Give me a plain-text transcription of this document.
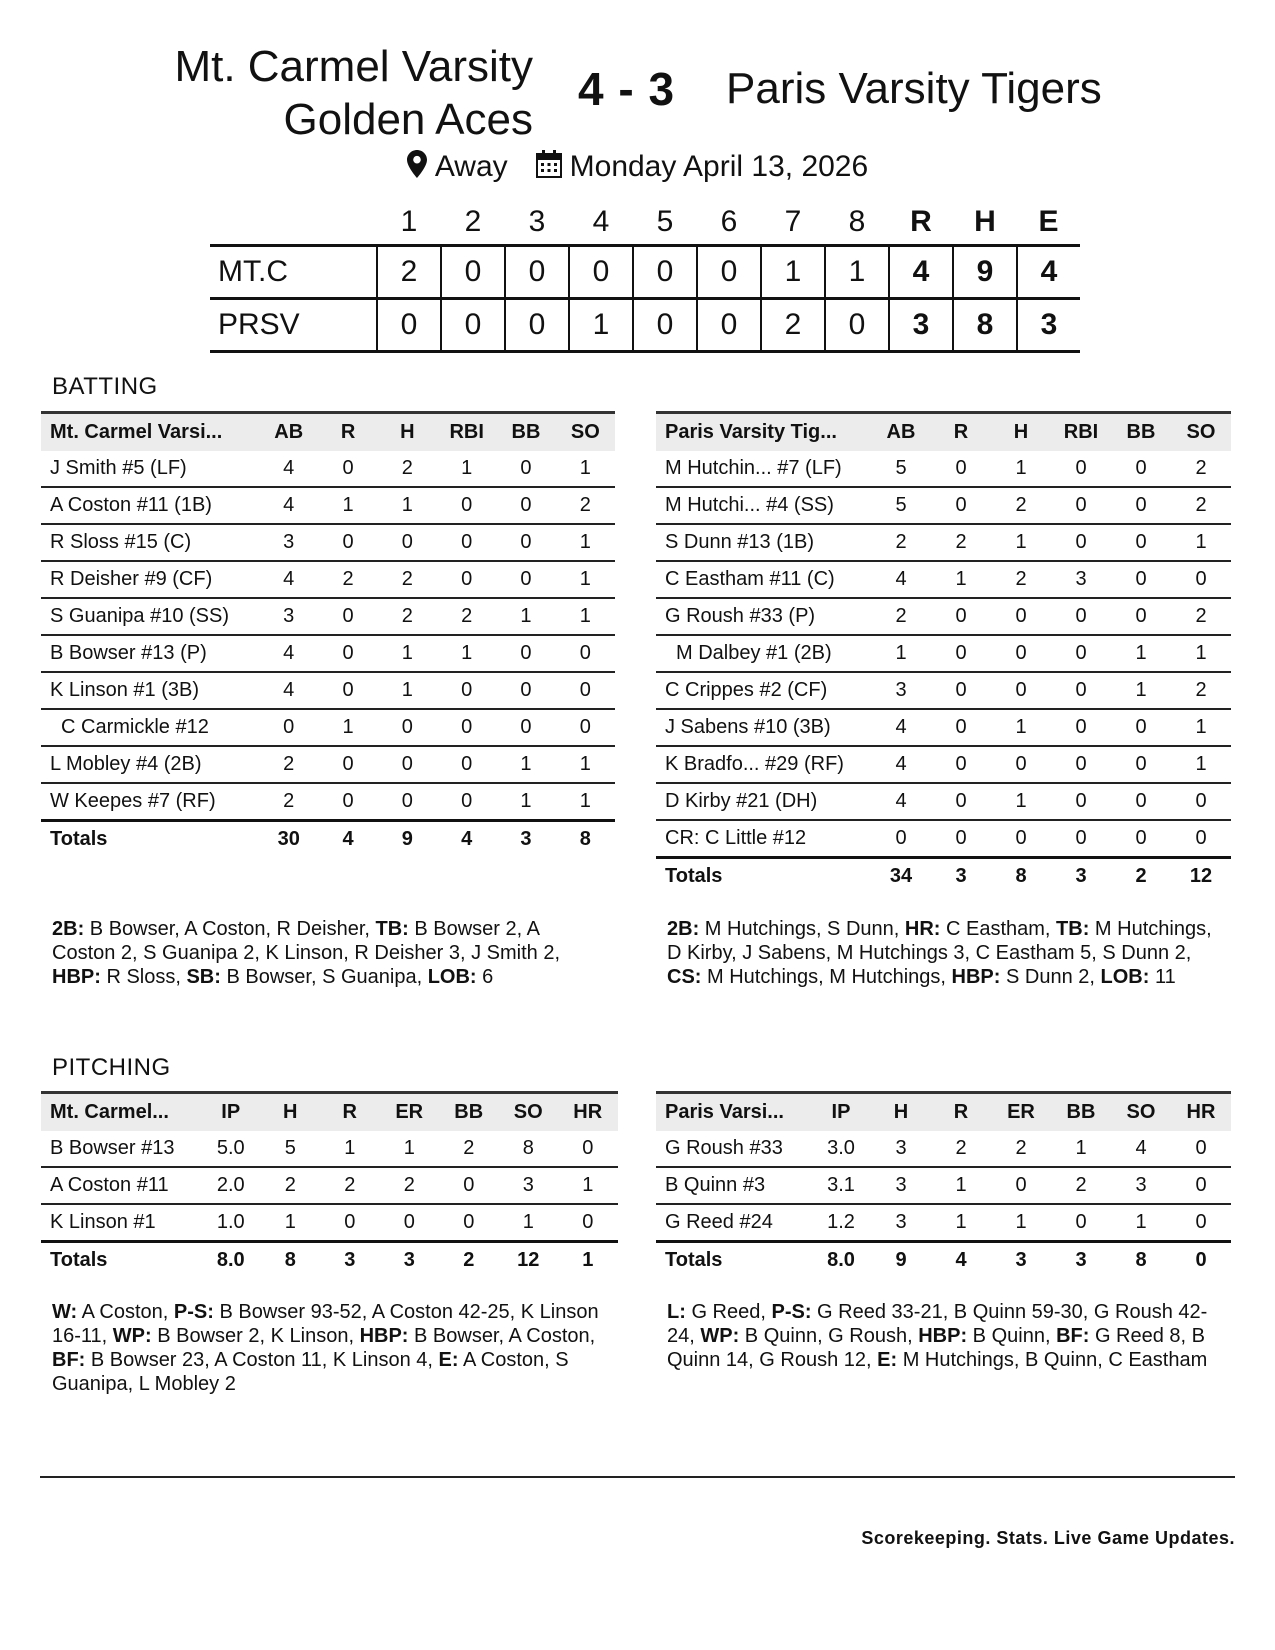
Mt. Carmel Varsity
Golden Aces
4 - 3 Paris Varsity Tigers
Away Monday April 13, 2026
	1	2	3	4	5	6	7	8	R	H	E
MT.C	2	0	0	0	0	0	1	1	4	9	4
PRSV	0	0	0	1	0	0	2	0	3	8	3
BATTING
Mt. Carmel Varsi...	AB	R	H	RBI	BB	SO
J Smith #5 (LF)	4	0	2	1	0	1
A Coston #11 (1B)	4	1	1	0	0	2
R Sloss #15 (C)	3	0	0	0	0	1
R Deisher #9 (CF)	4	2	2	0	0	1
S Guanipa #10 (SS)	3	0	2	2	1	1
B Bowser #13 (P)	4	0	1	1	0	0
K Linson #1 (3B)	4	0	1	0	0	0
C Carmickle #12	0	1	0	0	0	0
L Mobley #4 (2B)	2	0	0	0	1	1
W Keepes #7 (RF)	2	0	0	0	1	1
Totals	30	4	9	4	3	8
Paris Varsity Tig...	AB	R	H	RBI	BB	SO
M Hutchin... #7 (LF)	5	0	1	0	0	2
M Hutchi... #4 (SS)	5	0	2	0	0	2
S Dunn #13 (1B)	2	2	1	0	0	1
C Eastham #11 (C)	4	1	2	3	0	0
G Roush #33 (P)	2	0	0	0	0	2
M Dalbey #1 (2B)	1	0	0	0	1	1
C Crippes #2 (CF)	3	0	0	0	1	2
J Sabens #10 (3B)	4	0	1	0	0	1
K Bradfo... #29 (RF)	4	0	0	0	0	1
D Kirby #21 (DH)	4	0	1	0	0	0
CR: C Little #12	0	0	0	0	0	0
Totals	34	3	8	3	2	12
2B: B Bowser, A Coston, R Deisher, TB: B Bowser 2, A Coston 2, S Guanipa 2, K Linson, R Deisher 3, J Smith 2, HBP: R Sloss, SB: B Bowser, S Guanipa, LOB: 6
2B: M Hutchings, S Dunn, HR: C Eastham, TB: M Hutchings, D Kirby, J Sabens, M Hutchings 3, C Eastham 5, S Dunn 2, CS: M Hutchings, M Hutchings, HBP: S Dunn 2, LOB: 11
PITCHING
Mt. Carmel...	IP	H	R	ER	BB	SO	HR
B Bowser #13	5.0	5	1	1	2	8	0
A Coston #11	2.0	2	2	2	0	3	1
K Linson #1	1.0	1	0	0	0	1	0
Totals	8.0	8	3	3	2	12	1
Paris Varsi...	IP	H	R	ER	BB	SO	HR
G Roush #33	3.0	3	2	2	1	4	0
B Quinn #3	3.1	3	1	0	2	3	0
G Reed #24	1.2	3	1	1	0	1	0
Totals	8.0	9	4	3	3	8	0
W: A Coston, P-S: B Bowser 93-52, A Coston 42-25, K Linson 16-11, WP: B Bowser 2, K Linson, HBP: B Bowser, A Coston, BF: B Bowser 23, A Coston 11, K Linson 4, E: A Coston, S Guanipa, L Mobley 2
L: G Reed, P-S: G Reed 33-21, B Quinn 59-30, G Roush 42-24, WP: B Quinn, G Roush, HBP: B Quinn, BF: G Reed 8, B Quinn 14, G Roush 12, E: M Hutchings, B Quinn, C Eastham
Scorekeeping. Stats. Live Game Updates.
